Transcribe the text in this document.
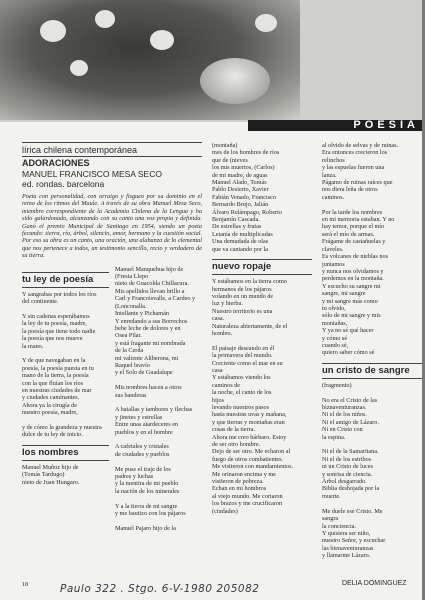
POESIA
lírica chilena contemporánea
ADORACIONES
MANUEL FRANCISCO MESA SECO
ed. rondas. barcelona

Poeta con personalidad, con arraigo y fisgueo por su dominio en el reino de los ritmos del Maule. A través de su obra Manuel Mesa Seco, miembro correspondiente de la Academia Chilena de la Lengua y ha sido galardonado, alcanzando con su canto una voz propia y definida. Ganó el premio Municipal de Santiago en 1954, siendo un poeta fecundo: tierra, río, árbol, silencio, amor, hermano y la cuestión social. Por eso su obra es un canto, una oración, una alabanza de lo elemental que nos pertenece a todos, un testimonio sencillo, recio y verdadero de su tierra.

tu ley de poesía

Y sangrabas por todos los ríos
del continente.

Y sin cadenas esperábamos
la ley de tu poesía, madre,
la poesía que tiene todo nadie
la poesía que nos mueve
la mano.

Y de que navegaban en la
poesía, la poesía puesta en tu
mano de la tierra, la poesía
con la que fluían los ríos
en nuestras ciudades de mar
y ciudades caminantes.
Ahora ya la cirugía de
nuestro poesía, madre,

y de cómo la grandeza y nuestra
dulce de tu ley de inicio.

los nombres

Manuel Muñoz hijo de
(Tomás Tardugo)
nieto de Juan Hungaro.

Manuel Manquehua hijo de
(Fresia Llepo
nieto de Guacolda Chillacura.
Mis apellidos llevan brillo a
Carl y Francoisvalle, a Cardeo y
(Lonconalla.
Intellante y Pichamán
Y enredando a sus Borrechos
bebe leche de dolores y en
Osea Pilar.
y está fragante mi nombrada
de la Cerda
mi valiente Aliberona, mi
Raquel bravío
y el Solo de Guadalupe

Mis nombres hacen a otros
sus banderas

A batallas y tambores y flechas
y jinetes y estrellas
Entre unas atardeceres en
pueblos y en el hombre

A cafetales y cristales
de ciudades y pueblos

Me puse el traje de los
padres y luchas
y la mentira de mi pueblo
la nación de los minerales

Y a la tierra de mi sangre
y me bautizo con los pájaros

Manuel Pajaro hijo de la

(montaña)
mes de los hombres de ríos
que de (nieves
los mis muertos, (Carlos)
de mi madre, de aguas
Manuel Alado, Tomás
Pablo Desierto, Xavier
Fabián Venado, Francisco
Bernardo Brujo, Jalián
Álvaro Relámpago, Roberto
Benjamín Cascada.
De estrellas y frutas
Letanía de multiplicadas
Una demudada de olas
que va cantando por la

nuevo ropaje

Y estábamos en la tierra como
hermanos de los pájaros
volando en un mundo de
luz y hierba.
Nuestro territorio es una
casa.
Naturaleza abiertamente, de el
hombre.

El paisaje deseando en él
la primavera del mundo.
Creciente como el mar en su
casa
Y estábamos viendo los
caminos de
la noche, el canto de los
hijos
levando nuestros pasos
hasta nuestras uvas y mañana,
y que tierras y montañas eran
cosas de la tierra.
Ahora me creo bárbaro. Estoy
de ser otro hombre.
Dejo de ser otro. Me echaron al
fuego de otros combatientes.
Me vistieron con mandamientos.
Me orinaron encima y me
vistieron de pobreza.
Echan en mi hombros
al viejo mundo. Me cortaron
los brazos y me crucificaron
(ciudades)

al olvido de selvas y de ruinas.
Era entonces crecieron los
relinchos
y las espuelas fueron una
lanza.
Págamo de ruinas raíces que
nos diera leña de otros
caminos.

Por la tarde los nombres
en mi memoria estaban. Y no
hay temor, porque el mío
será el mío de armas.
Frágame de castañuelas y
claveles.
Es volcanes de nieblas nos
juntamos
y nunca nos olvidamos y
perdemos en la montaña.
Y escucho su sangre mi
sangre, mi sangre
y mi sangre más como
tu olvido,
sólo de mi sangre y mis
montañas,
Y ya no sé qué hacer
y cómo sé
cuando sé,
quiero saber cómo sé

un cristo de sangre

(fragmento)

No era el Cristo de las
biznaventuranzas.
Ni el de los niños.
Ni el amigo de Lázaro.
Ni en Cristo con
la espina.

Ni el de la Samaritana.
Ni el de los estribos
ni un Cristo de luces
y sonrisa de ciencia.
Árbol desgarrado.
Biblia deshojada por la
muerte.

Me duele ese Cristo. Me
sangra
la conciencia.
Y quisiera ser niño,
nuestro Señor, y escuchar
las bienaventuranzas
y llamarme Lázaro.

18	Paulo 322 . Stgo. 6-V-1980 205082	DELIA DOMINGUEZ
